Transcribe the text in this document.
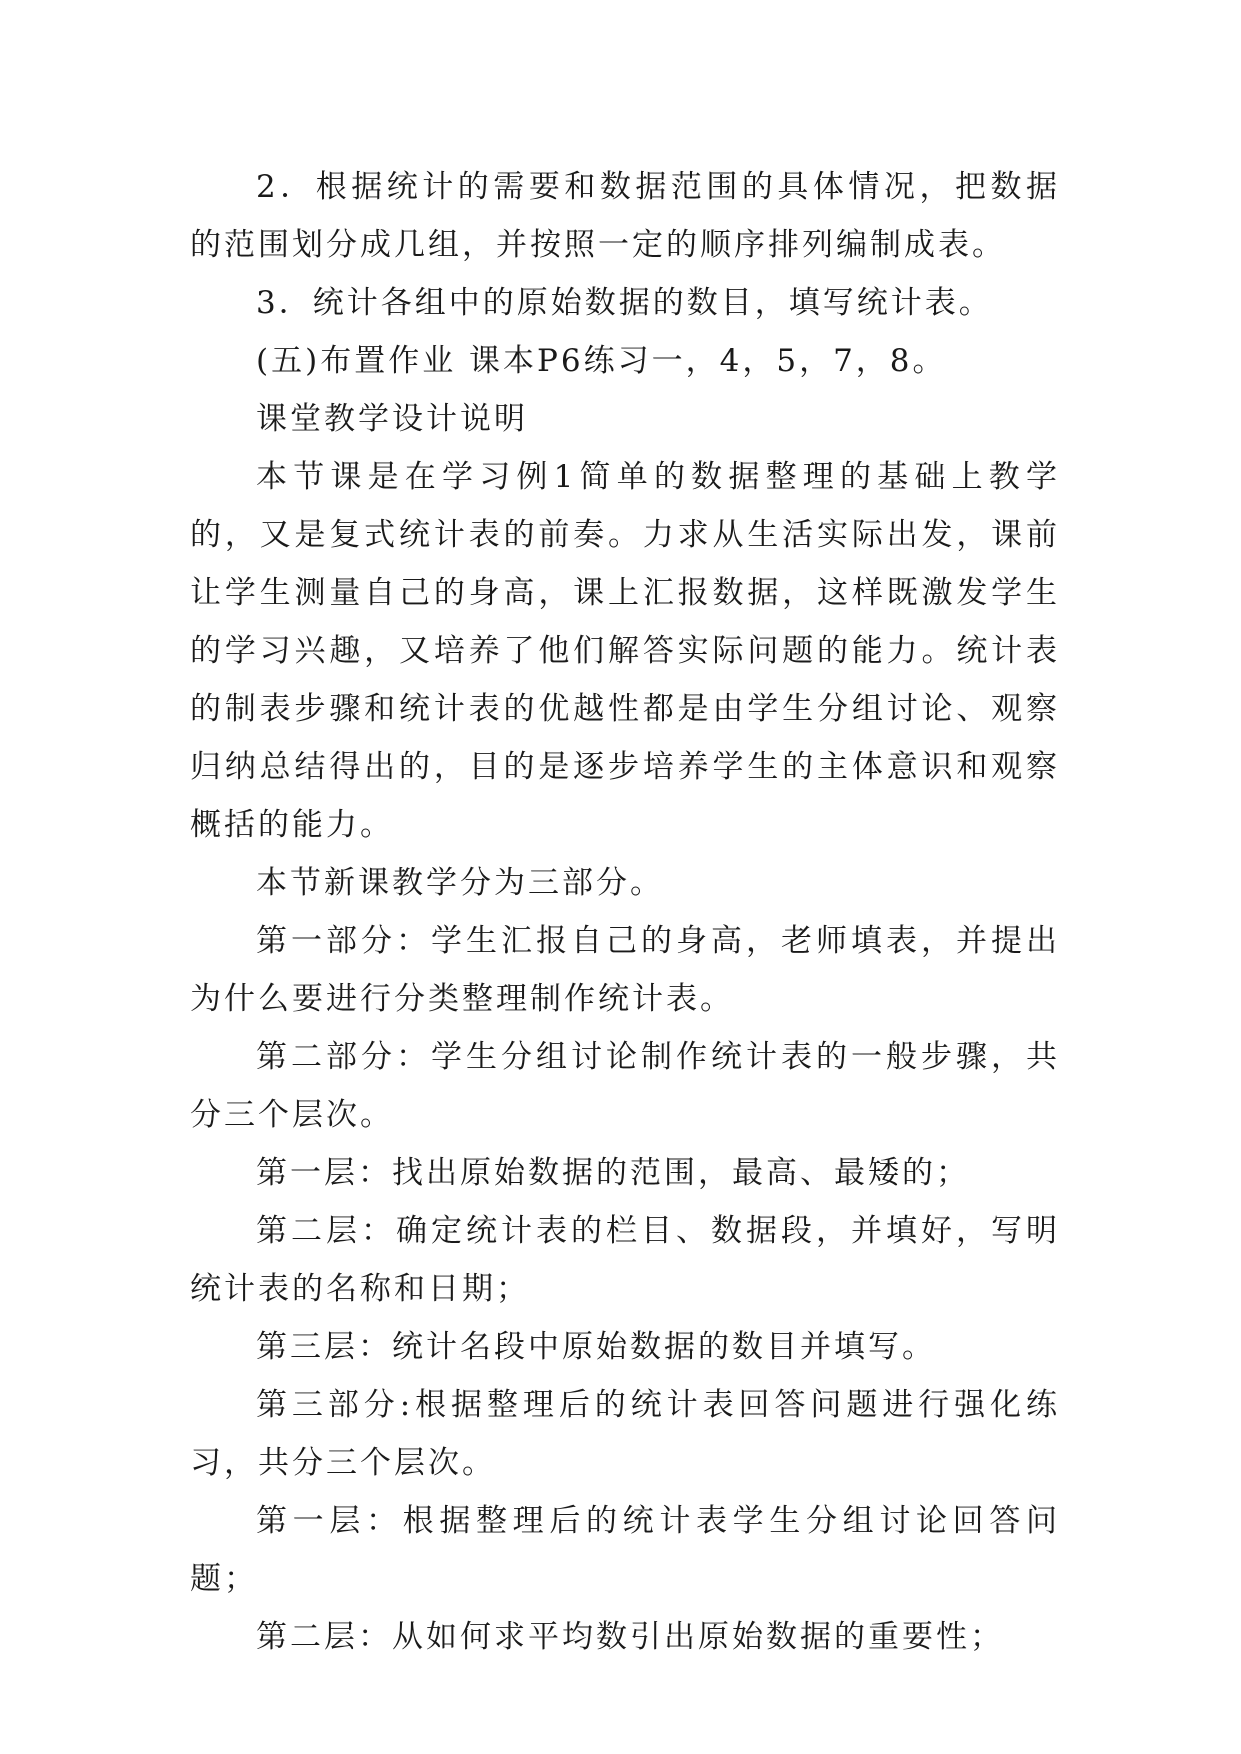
2．根据统计的需要和数据范围的具体情况，把数据的范围划分成几组，并按照一定的顺序排列编制成表。

3．统计各组中的原始数据的数目，填写统计表。

(五)布置作业 课本P6练习一，4，5，7，8。

课堂教学设计说明

本节课是在学习例1简单的数据整理的基础上教学的，又是复式统计表的前奏。力求从生活实际出发，课前让学生测量自己的身高，课上汇报数据，这样既激发学生的学习兴趣，又培养了他们解答实际问题的能力。统计表的制表步骤和统计表的优越性都是由学生分组讨论、观察归纳总结得出的，目的是逐步培养学生的主体意识和观察概括的能力。

本节新课教学分为三部分。

第一部分：学生汇报自己的身高，老师填表，并提出为什么要进行分类整理制作统计表。

第二部分：学生分组讨论制作统计表的一般步骤，共分三个层次。

第一层：找出原始数据的范围，最高、最矮的；

第二层：确定统计表的栏目、数据段，并填好，写明统计表的名称和日期；

第三层：统计名段中原始数据的数目并填写。

第三部分:根据整理后的统计表回答问题进行强化练习，共分三个层次。

第一层：根据整理后的统计表学生分组讨论回答问题；

第二层：从如何求平均数引出原始数据的重要性；
